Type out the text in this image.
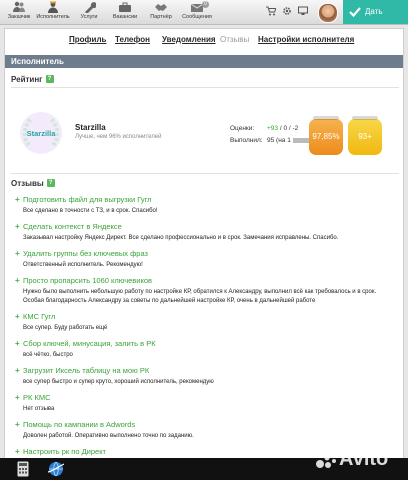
Заказчик	Исполнитель	Услуги	Вакансии	Партнёр
0
Сообщения
Дать
Профиль Телефон Уведомления Отзывы Настройки исполнителя
Исполнитель
Рейтинг ?
Starzilla
Starzilla
Лучше, чем 96% исполнителей
Оценки: +93 / 0 / -2
Выполнил: 95 (на 1	97,85%	93+
Отзывы ?
+ Подготовить файл для выгрузки Гугл
Все сделано в точности с ТЗ, и в срок. Спасибо!
+ Сделать контекст в Яндексе
Заказывал настройку Яндекс Директ. Все сделано профессионально и в срок. Замечания исправлены. Спасибо.
+ Удалить группы без ключевых фраз
Ответственный исполнитель. Рекомендую!
+ Просто пропарсить 1060 ключевиков
Нужно было выполнить небольшую работу по настройке КР, обратился к Александру, выполнил всё как требовалось и в срок. Особая благодарность Александру за советы по дальнейшей настройке КР, очень в дальнейшей работе
+ КМС Гугл
Все супер. Буду работать ещё
+ Сбор ключей, минусация, залить в РК
всё чётко, быстро
+ Загрузит Иксель таблицу на мою РК
все супер быстро и супер круто, хороший исполнитель, рекомендую
+ РК КМС
Нет отзыва
+ Помощь по кампании в Adwords
Доволен работой. Оперативно выполнено точно по заданию.
+ Настроить рк по Директ	Avito
